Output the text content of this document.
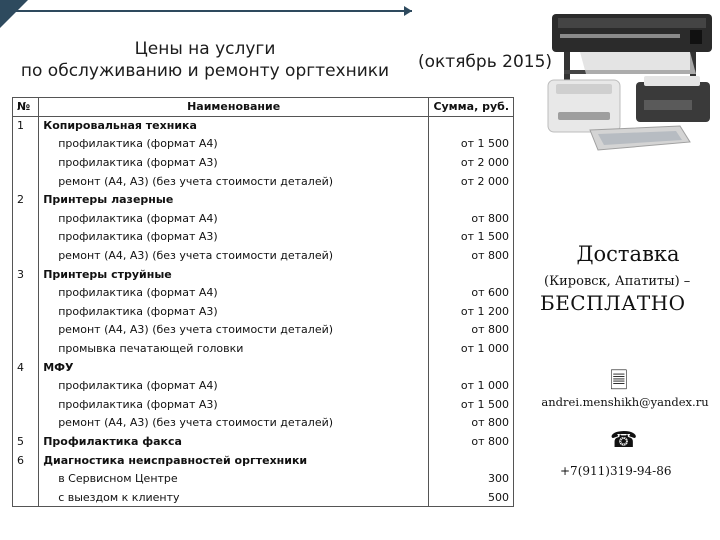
Цены на услуги
по обслуживанию и ремонту оргтехники	(октябрь 2015)
№	Наименование	Сумма, руб.
1	Копировальная техника	
	профилактика (формат А4)	от 1 500
	профилактика (формат А3)	от 2 000
	ремонт (А4, А3) (без учета стоимости деталей)	от 2 000
2	Принтеры лазерные	
	профилактика (формат А4)	от 800
	профилактика (формат А3)	от 1 500
	ремонт (А4, А3) (без учета стоимости деталей)	от 800
3	Принтеры струйные	
	профилактика (формат А4)	от 600
	профилактика (формат А3)	от 1 200
	ремонт (А4, А3) (без учета стоимости деталей)	от 800
	промывка печатающей головки	от 1 000
4	МФУ	
	профилактика (формат А4)	от 1 000
	профилактика (формат А3)	от 1 500
	ремонт (А4, А3) (без учета стоимости деталей)	от 800
5	Профилактика факса	от 800
6	Диагностика неисправностей оргтехники	
	в Сервисном Центре	300
	с выездом к клиенту	500
Доставка
(Кировск, Апатиты) –
БЕСПЛАТНО
🗏
andrei.menshikh@yandex.ru
☎
+7(911)319-94-86
